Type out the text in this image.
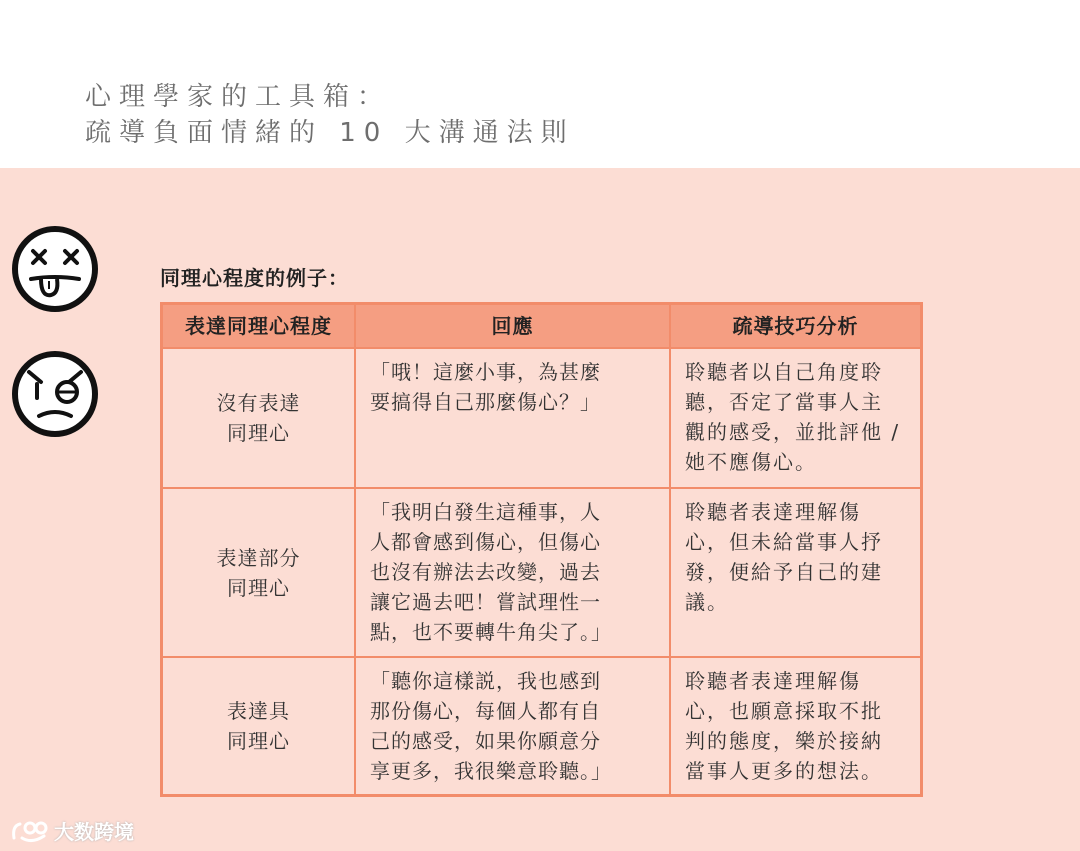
心理學家的工具箱：
疏導負面情緒的 10 大溝通法則
同理心程度的例子：
表達同理心程度	回應	疏導技巧分析
沒有表達
同理心
「哦！這麼小事，為甚麼
要搞得自己那麼傷心？」
聆聽者以自己角度聆
聽，否定了當事人主
觀的感受，並批評他 /
她不應傷心。
表達部分
同理心
「我明白發生這種事，人
人都會感到傷心，但傷心
也沒有辦法去改變，過去
讓它過去吧！嘗試理性一
點，也不要轉牛角尖了。」
聆聽者表達理解傷
心，但未給當事人抒
發，便給予自己的建
議。
表達具
同理心
「聽你這樣説，我也感到
那份傷心，每個人都有自
己的感受，如果你願意分
享更多，我很樂意聆聽。」
聆聽者表達理解傷
心，也願意採取不批
判的態度，樂於接納
當事人更多的想法。
大数跨境
